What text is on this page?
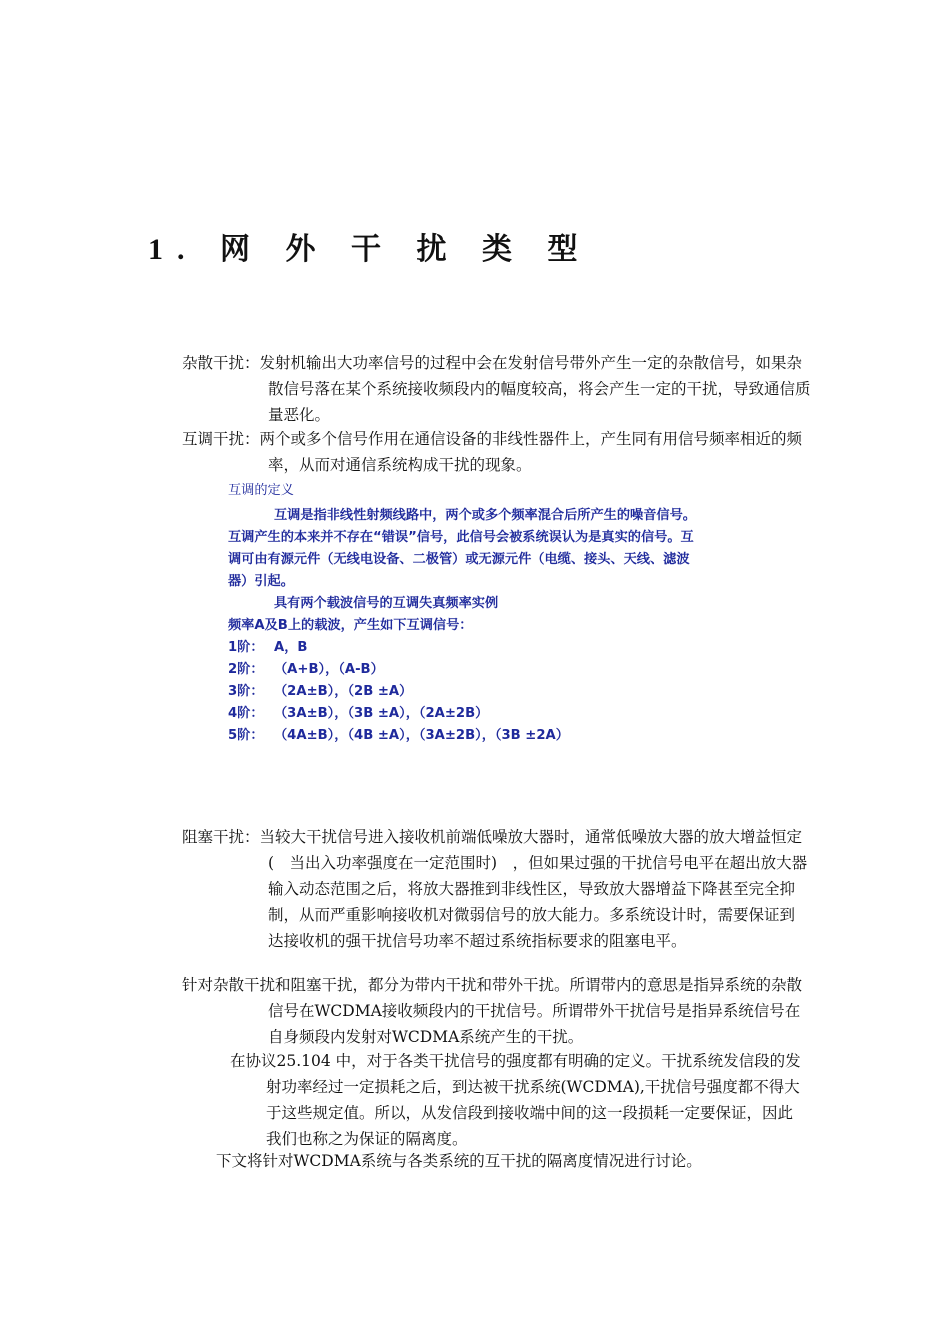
1. 网 外 干 扰 类 型
杂散干扰：发射机输出大功率信号的过程中会在发射信号带外产生一定的杂散信号，如果杂散信号落在某个系统接收频段内的幅度较高，将会产生一定的干扰，导致通信质量恶化。
互调干扰：两个或多个信号作用在通信设备的非线性器件上，产生同有用信号频率相近的频率，从而对通信系统构成干扰的现象。
互调的定义
互调是指非线性射频线路中，两个或多个频率混合后所产生的噪音信号。互调产生的本来并不存在“错误”信号，此信号会被系统误认为是真实的信号。互调可由有源元件（无线电设备、二极管）或无源元件（电缆、接头、天线、滤波器）引起。
具有两个载波信号的互调失真频率实例
频率A及B上的载波，产生如下互调信号：
1阶： A，B
2阶： （A+B），（A-B）
3阶： （2A±B），（2B ±A）
4阶： （3A±B），（3B ±A），（2A±2B）
5阶： （4A±B），（4B ±A），（3A±2B），（3B ±2A）
阻塞干扰：当较大干扰信号进入接收机前端低噪放大器时，通常低噪放大器的放大增益恒定(　当出入功率强度在一定范围时)　，但如果过强的干扰信号电平在超出放大器输入动态范围之后，将放大器推到非线性区，导致放大器增益下降甚至完全抑制，从而严重影响接收机对微弱信号的放大能力。多系统设计时，需要保证到达接收机的强干扰信号功率不超过系统指标要求的阻塞电平。
针对杂散干扰和阻塞干扰，都分为带内干扰和带外干扰。所谓带内的意思是指异系统的杂散信号在WCDMA接收频段内的干扰信号。所谓带外干扰信号是指异系统信号在自身频段内发射对WCDMA系统产生的干扰。
在协议25.104 中，对于各类干扰信号的强度都有明确的定义。干扰系统发信段的发射功率经过一定损耗之后，到达被干扰系统(WCDMA),干扰信号强度都不得大于这些规定值。所以，从发信段到接收端中间的这一段损耗一定要保证，因此我们也称之为保证的隔离度。
下文将针对WCDMA系统与各类系统的互干扰的隔离度情况进行讨论。
